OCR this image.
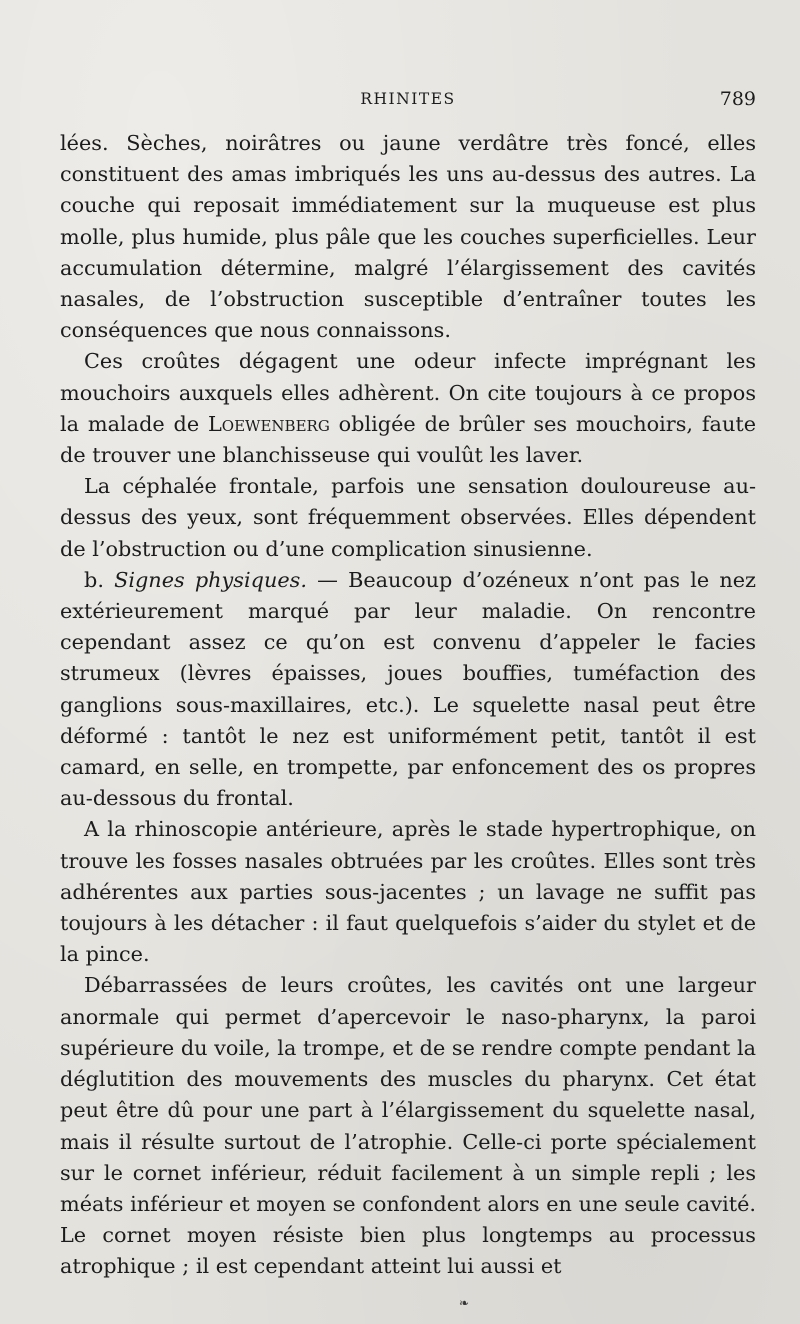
RHINITES	789

lées. Sèches, noirâtres ou jaune verdâtre très foncé, elles constituent des amas imbriqués les uns au-dessus des autres. La couche qui reposait immédiatement sur la muqueuse est plus molle, plus humide, plus pâle que les couches superficielles. Leur accumulation détermine, malgré l’élargissement des cavités nasales, de l’obstruction susceptible d’entraîner toutes les conséquences que nous connaissons.

Ces croûtes dégagent une odeur infecte imprégnant les mouchoirs auxquels elles adhèrent. On cite toujours à ce propos la malade de Loewenberg obligée de brûler ses mouchoirs, faute de trouver une blanchisseuse qui voulût les laver.

La céphalée frontale, parfois une sensation douloureuse au-dessus des yeux, sont fréquemment observées. Elles dépendent de l’obstruction ou d’une complication sinusienne.

b. Signes physiques. — Beaucoup d’ozéneux n’ont pas le nez extérieurement marqué par leur maladie. On rencontre cependant assez ce qu’on est convenu d’appeler le facies strumeux (lèvres épaisses, joues bouffies, tuméfaction des ganglions sous-maxillaires, etc.). Le squelette nasal peut être déformé : tantôt le nez est uniformément petit, tantôt il est camard, en selle, en trompette, par enfoncement des os propres au-dessous du frontal.

A la rhinoscopie antérieure, après le stade hypertrophique, on trouve les fosses nasales obtruées par les croûtes. Elles sont très adhérentes aux parties sous-jacentes ; un lavage ne suffit pas toujours à les détacher : il faut quelquefois s’aider du stylet et de la pince.

Débarrassées de leurs croûtes, les cavités ont une largeur anormale qui permet d’apercevoir le naso-pharynx, la paroi supérieure du voile, la trompe, et de se rendre compte pendant la déglutition des mouvements des muscles du pharynx. Cet état peut être dû pour une part à l’élargissement du squelette nasal, mais il résulte surtout de l’atrophie. Celle-ci porte spécialement sur le cornet inférieur, réduit facilement à un simple repli ; les méats inférieur et moyen se confondent alors en une seule cavité. Le cornet moyen résiste bien plus longtemps au processus atrophique ; il est cependant atteint lui aussi et

❧
